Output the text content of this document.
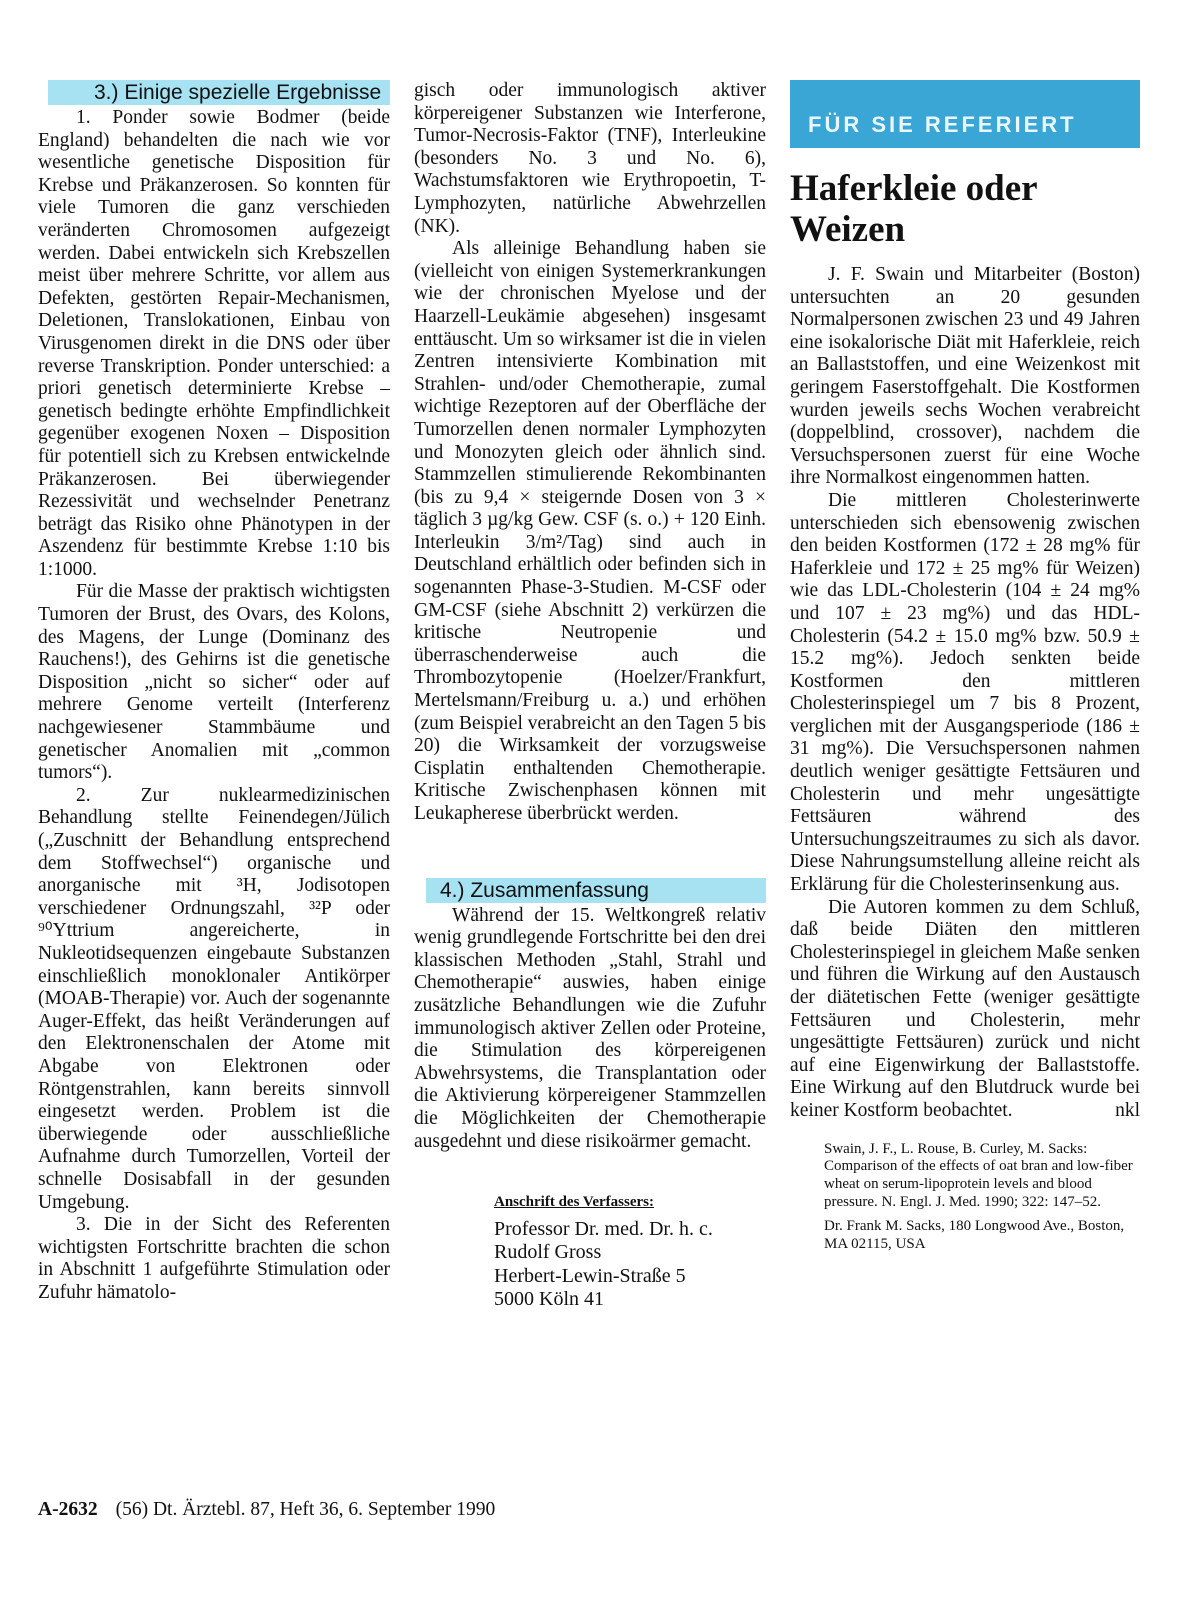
3.) Einige spezielle Ergebnisse

1. Ponder sowie Bodmer (beide England) behandelten die nach wie vor wesentliche genetische Disposition für Krebse und Präkanzerosen. So konnten für viele Tumoren die ganz verschieden veränderten Chromosomen aufgezeigt werden. Dabei entwickeln sich Krebszellen meist über mehrere Schritte, vor allem aus Defekten, gestörten Repair-Mechanismen, Deletionen, Translokationen, Einbau von Virusgenomen direkt in die DNS oder über reverse Transkription. Ponder unterschied: a priori genetisch determinierte Krebse – genetisch bedingte erhöhte Empfindlichkeit gegenüber exogenen Noxen – Disposition für potentiell sich zu Krebsen entwickelnde Präkanzerosen. Bei überwiegender Rezessivität und wechselnder Penetranz beträgt das Risiko ohne Phänotypen in der Aszendenz für bestimmte Krebse 1:10 bis 1:1000.

Für die Masse der praktisch wichtigsten Tumoren der Brust, des Ovars, des Kolons, des Magens, der Lunge (Dominanz des Rauchens!), des Gehirns ist die genetische Disposition „nicht so sicher“ oder auf mehrere Genome verteilt (Interferenz nachgewiesener Stammbäume und genetischer Anomalien mit „common tumors“).

2. Zur nuklearmedizinischen Behandlung stellte Feinendegen/Jülich („Zuschnitt der Behandlung entsprechend dem Stoffwechsel“) organische und anorganische mit ³H, Jodisotopen verschiedener Ordnungszahl, ³²P oder ⁹⁰Yttrium angereicherte, in Nukleotidsequenzen eingebaute Substanzen einschließlich monoklonaler Antikörper (MOAB-Therapie) vor. Auch der sogenannte Auger-Effekt, das heißt Veränderungen auf den Elektronenschalen der Atome mit Abgabe von Elektronen oder Röntgenstrahlen, kann bereits sinnvoll eingesetzt werden. Problem ist die überwiegende oder ausschließliche Aufnahme durch Tumorzellen, Vorteil der schnelle Dosisabfall in der gesunden Umgebung.

3. Die in der Sicht des Referenten wichtigsten Fortschritte brachten die schon in Abschnitt 1 aufgeführte Stimulation oder Zufuhr hämatolo-

gisch oder immunologisch aktiver körpereigener Substanzen wie Interferone, Tumor-Necrosis-Faktor (TNF), Interleukine (besonders No. 3 und No. 6), Wachstumsfaktoren wie Erythropoetin, T-Lymphozyten, natürliche Abwehrzellen (NK).

Als alleinige Behandlung haben sie (vielleicht von einigen Systemerkrankungen wie der chronischen Myelose und der Haarzell-Leukämie abgesehen) insgesamt enttäuscht. Um so wirksamer ist die in vielen Zentren intensivierte Kombination mit Strahlen- und/oder Chemotherapie, zumal wichtige Rezeptoren auf der Oberfläche der Tumorzellen denen normaler Lymphozyten und Monozyten gleich oder ähnlich sind. Stammzellen stimulierende Rekombinanten (bis zu 9,4 × steigernde Dosen von 3 × täglich 3 µg/kg Gew. CSF (s. o.) + 120 Einh. Interleukin 3/m²/Tag) sind auch in Deutschland erhältlich oder befinden sich in sogenannten Phase-3-Studien. M-CSF oder GM-CSF (siehe Abschnitt 2) verkürzen die kritische Neutropenie und überraschenderweise auch die Thrombozytopenie (Hoelzer/Frankfurt, Mertelsmann/Freiburg u. a.) und erhöhen (zum Beispiel verabreicht an den Tagen 5 bis 20) die Wirksamkeit der vorzugsweise Cisplatin enthaltenden Chemotherapie. Kritische Zwischenphasen können mit Leukapherese überbrückt werden.

4.) Zusammenfassung

Während der 15. Weltkongreß relativ wenig grundlegende Fortschritte bei den drei klassischen Methoden „Stahl, Strahl und Chemotherapie“ auswies, haben einige zusätzliche Behandlungen wie die Zufuhr immunologisch aktiver Zellen oder Proteine, die Stimulation des körpereigenen Abwehrsystems, die Transplantation oder die Aktivierung körpereigener Stammzellen die Möglichkeiten der Chemotherapie ausgedehnt und diese risikoärmer gemacht.

Anschrift des Verfassers:
Professor Dr. med. Dr. h. c.
Rudolf Gross
Herbert-Lewin-Straße 5
5000 Köln 41
FÜR SIE REFERIERT
Haferkleie oder Weizen

J. F. Swain und Mitarbeiter (Boston) untersuchten an 20 gesunden Normalpersonen zwischen 23 und 49 Jahren eine isokalorische Diät mit Haferkleie, reich an Ballaststoffen, und eine Weizenkost mit geringem Faserstoffgehalt. Die Kostformen wurden jeweils sechs Wochen verabreicht (doppelblind, crossover), nachdem die Versuchspersonen zuerst für eine Woche ihre Normalkost eingenommen hatten.

Die mittleren Cholesterinwerte unterschieden sich ebensowenig zwischen den beiden Kostformen (172 ± 28 mg% für Haferkleie und 172 ± 25 mg% für Weizen) wie das LDL-Cholesterin (104 ± 24 mg% und 107 ± 23 mg%) und das HDL-Cholesterin (54.2 ± 15.0 mg% bzw. 50.9 ± 15.2 mg%). Jedoch senkten beide Kostformen den mittleren Cholesterinspiegel um 7 bis 8 Prozent, verglichen mit der Ausgangsperiode (186 ± 31 mg%). Die Versuchspersonen nahmen deutlich weniger gesättigte Fettsäuren und Cholesterin und mehr ungesättigte Fettsäuren während des Untersuchungszeitraumes zu sich als davor. Diese Nahrungsumstellung alleine reicht als Erklärung für die Cholesterinsenkung aus.

Die Autoren kommen zu dem Schluß, daß beide Diäten den mittleren Cholesterinspiegel in gleichem Maße senken und führen die Wirkung auf den Austausch der diätetischen Fette (weniger gesättigte Fettsäuren und Cholesterin, mehr ungesättigte Fettsäuren) zurück und nicht auf eine Eigenwirkung der Ballaststoffe. Eine Wirkung auf den Blutdruck wurde bei keiner Kostform beobachtet.	nkl

Swain, J. F., L. Rouse, B. Curley, M. Sacks: Comparison of the effects of oat bran and low-fiber wheat on serum-lipoprotein levels and blood pressure. N. Engl. J. Med. 1990; 322: 147–52.
Dr. Frank M. Sacks, 180 Longwood Ave., Boston, MA 02115, USA
A-2632 (56) Dt. Ärztebl. 87, Heft 36, 6. September 1990
